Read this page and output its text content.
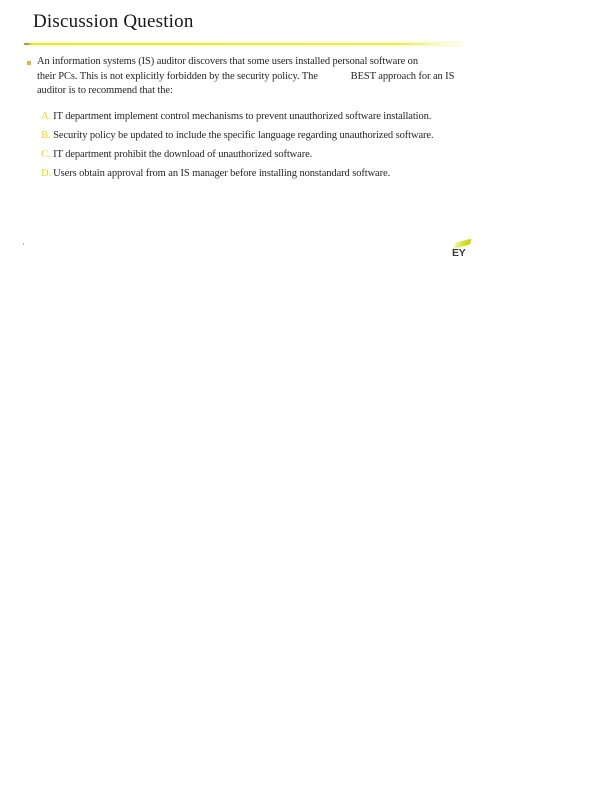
Discussion Question
An information systems (IS) auditor discovers that some users installed personal software on
their PCs. This is not explicitly forbidden by the security policy. The             BEST approach for an IS
auditor is to recommend that the:

A. IT department implement control mechanisms to prevent unauthorized software installation.

B. Security policy be updated to include the specific language regarding unauthorized software.

C. IT department prohibit the download of unauthorized software.

D. Users obtain approval from an IS manager before installing nonstandard software.

'
EY
